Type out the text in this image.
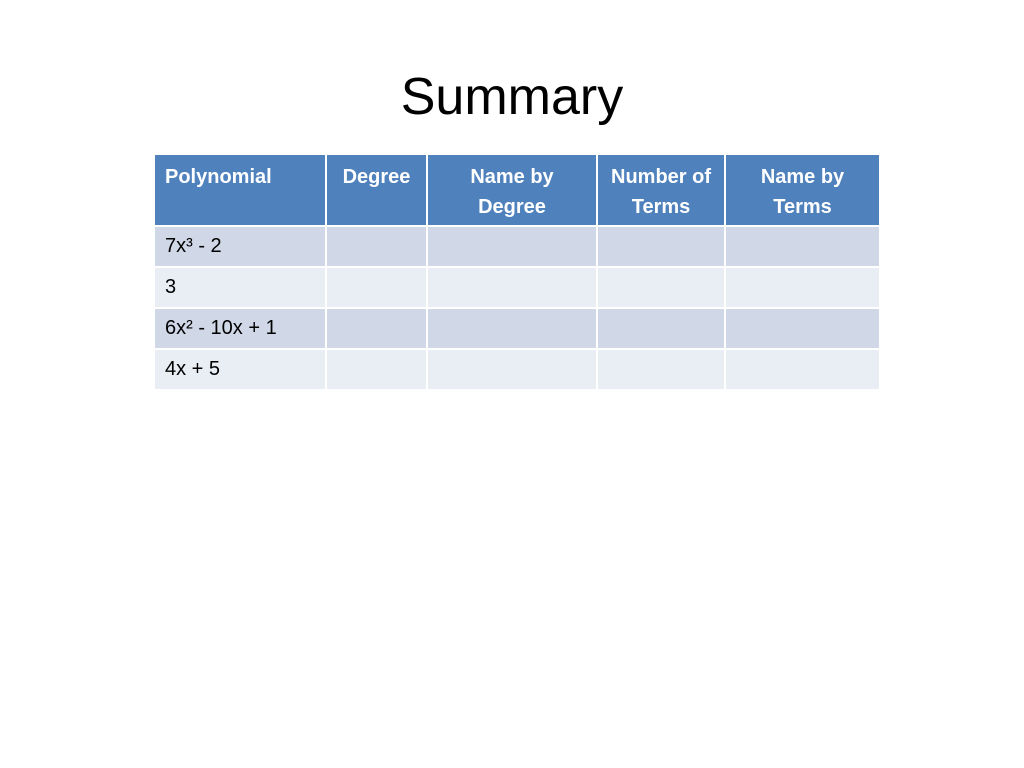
Summary
Polynomial	Degree	Name by Degree	Number of Terms	Name by Terms
7x³ - 2				
3				
6x² - 10x + 1				
4x + 5				
